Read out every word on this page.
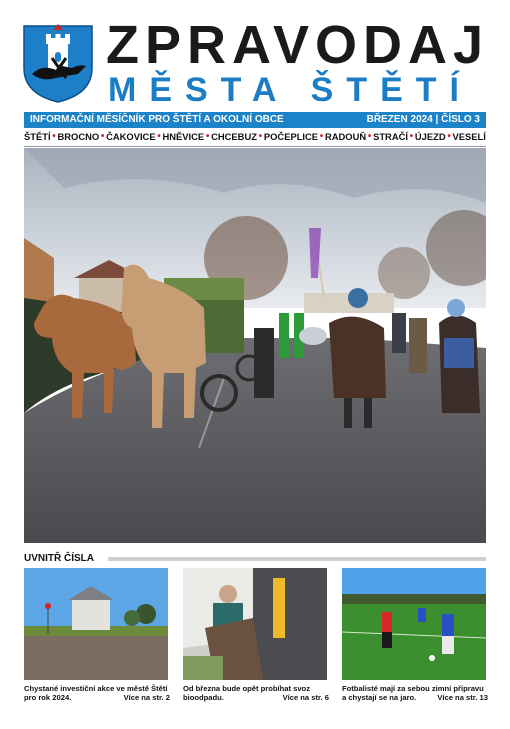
ZPRAVODAJ
MĚSTA ŠTĚTÍ
INFORMAČNÍ MĚSÍČNÍK PRO ŠTĚTÍ A OKOLNÍ OBCE	BŘEZEN 2024 | ČÍSLO 3
ŠTĚTÍ • BROCNO • ČAKOVICE • HNĚVICE • CHCEBUZ • POČEPLICE • RADOUŇ • STRAČÍ • ÚJEZD • VESELÍ
UVNITŘ ČÍSLA
Chystané investiční akce ve městě Štětí pro rok 2024.	Více na str. 2
Od března bude opět probíhat svoz bioodpadu.	Více na str. 6
Fotbalisté mají za sebou zimní přípravu a chystají se na jaro.	Více na str. 13
